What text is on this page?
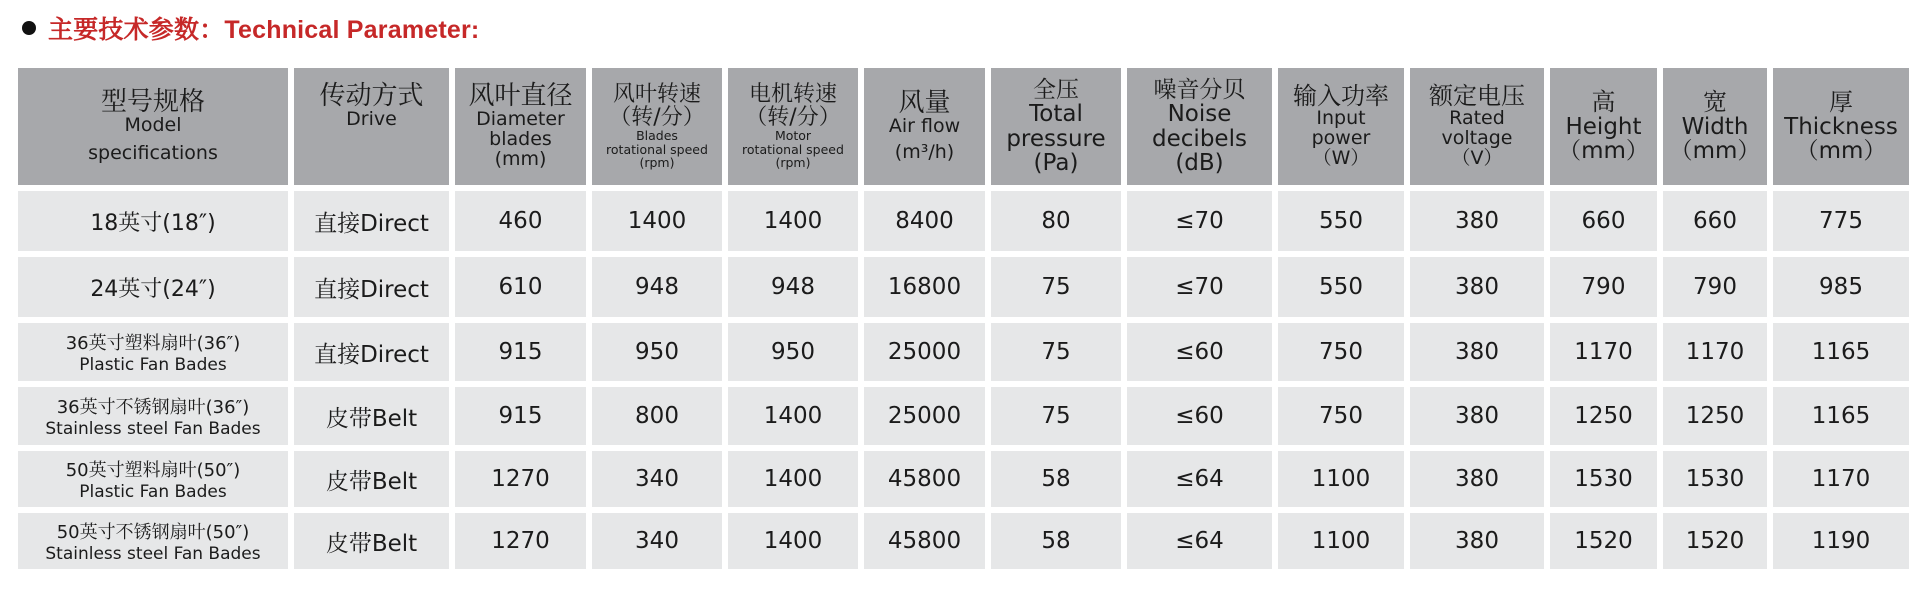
主要技术参数：Technical Parameter:
型号规格
Model
specifications	传动方式
Drive	风叶直径
Diameter
blades
(mm)	风叶转速
（转/分）
Blades
rotational speed
(rpm)	电机转速
（转/分）
Motor
rotational speed
(rpm)	风量
Air flow
(m³/h)	全压
Total
pressure
(Pa)	噪音分贝
Noise
decibels
(dB)	输入功率
Input
power
（W）	额定电压
Rated
voltage
（V）	高
Height
（mm）	宽
Width
（mm）	厚
Thickness
（mm）

18英寸(18″)	直接Direct	460	1400	1400	8400	80	≤70	550	380	660	660	775
24英寸(24″)	直接Direct	610	948	948	16800	75	≤70	550	380	790	790	985

36英寸塑料扇叶(36″)
Plastic Fan Bades	直接Direct	915	950	950	25000	75	≤60	750	380	1170	1170	1165

36英寸不锈钢扇叶(36″)
Stainless steel Fan Bades	皮带Belt	915	800	1400	25000	75	≤60	750	380	1250	1250	1165

50英寸塑料扇叶(50″)
Plastic Fan Bades	皮带Belt	1270	340	1400	45800	58	≤64	1100	380	1530	1530	1170

50英寸不锈钢扇叶(50″)
Stainless steel Fan Bades	皮带Belt	1270	340	1400	45800	58	≤64	1100	380	1520	1520	1190
